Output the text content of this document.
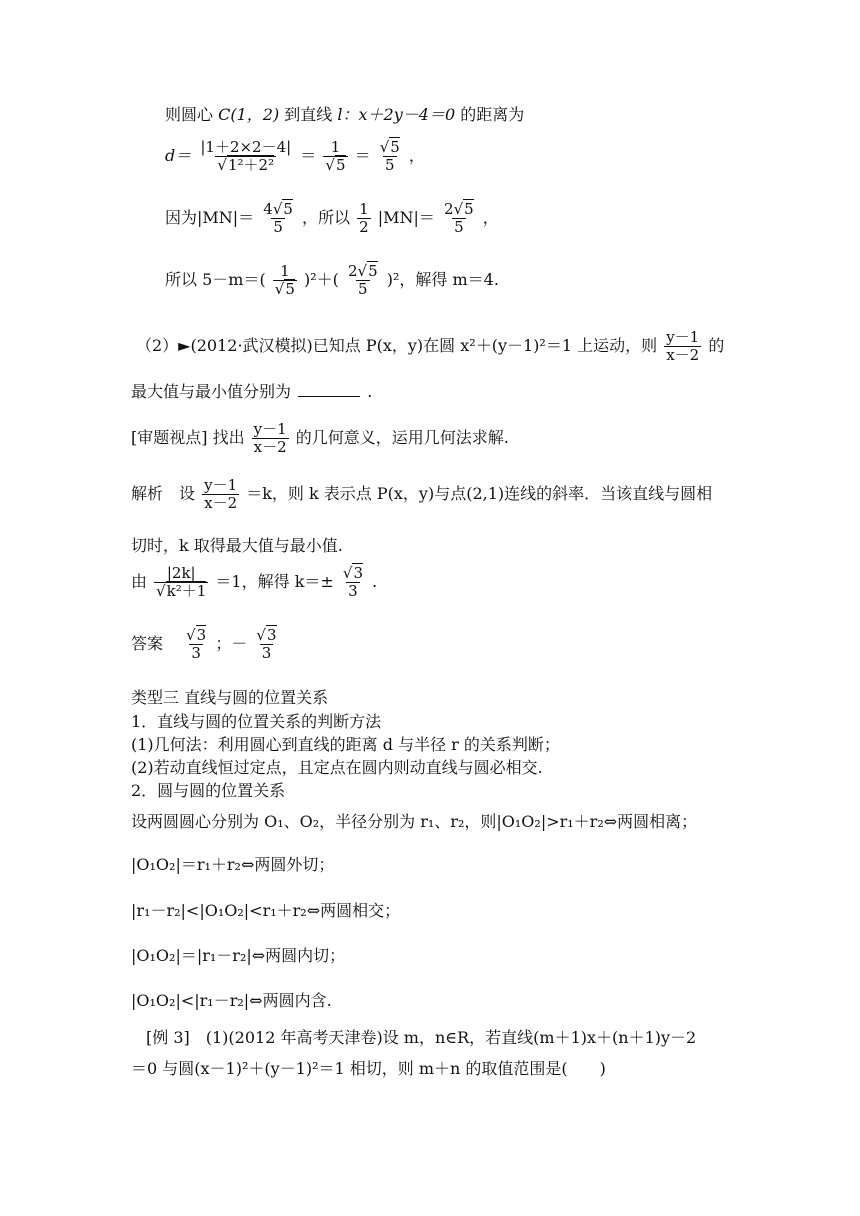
则圆心 C(1，2) 到直线 l：x＋2y－4＝0 的距离为
$d= \frac{|1+2\times 2-4|}{\text{√1²＋2²}} = \frac{1}{√5} = \frac{√5}{5}$ ，
因为$|MN|= \frac{4√5}{5}$ ，所以 $\frac{1}{2} |MN|= \frac{2√5}{5}$ ，
所以 $5-m=( \frac{1}{√5} )^2+( \frac{2√5}{5} )^2$，解得 m＝4.
（2）►(2012·武汉模拟)已知点 P(x，y)在圆 x²＋(y－1)²＝1 上运动，则 $\frac{y-1}{x-2}$ 的
最大值与最小值分别为	.
[审题视点] 找出 $\frac{y-1}{x-2}$ 的几何意义，运用几何法求解.
解析　设 $\frac{y-1}{x-2} =k$，则 k 表示点 P(x，y)与点(2,1)连线的斜率．当该直线与圆相
切时，k 取得最大值与最小值.
由 $\frac{|2k|}{\text{√k²＋1}} =1$，解得 $k=\pm \frac{√3}{3}$ .
答案 $\frac{√3}{3}$ ；－ $\frac{√3}{3}$
类型三 直线与圆的位置关系
1．直线与圆的位置关系的判断方法
(1)几何法：利用圆心到直线的距离 d 与半径 r 的关系判断；
(2)若动直线恒过定点，且定点在圆内则动直线与圆必相交.
2．圆与圆的位置关系
设两圆圆心分别为 O₁、O₂，半径分别为 r₁、r₂，则|O₁O₂|>r₁＋r₂⇔两圆相离；
|O₁O₂|＝r₁＋r₂⇔两圆外切；
|r₁－r₂|<|O₁O₂|<r₁＋r₂⇔两圆相交；
|O₁O₂|＝|r₁－r₂|⇔两圆内切；
|O₁O₂|<|r₁－r₂|⇔两圆内含.
[例 3]　(1)(2012 年高考天津卷)设 m，n∈R，若直线(m＋1)x＋(n＋1)y－2
＝0 与圆(x－1)²＋(y－1)²＝1 相切，则 m＋n 的取值范围是(　　)
